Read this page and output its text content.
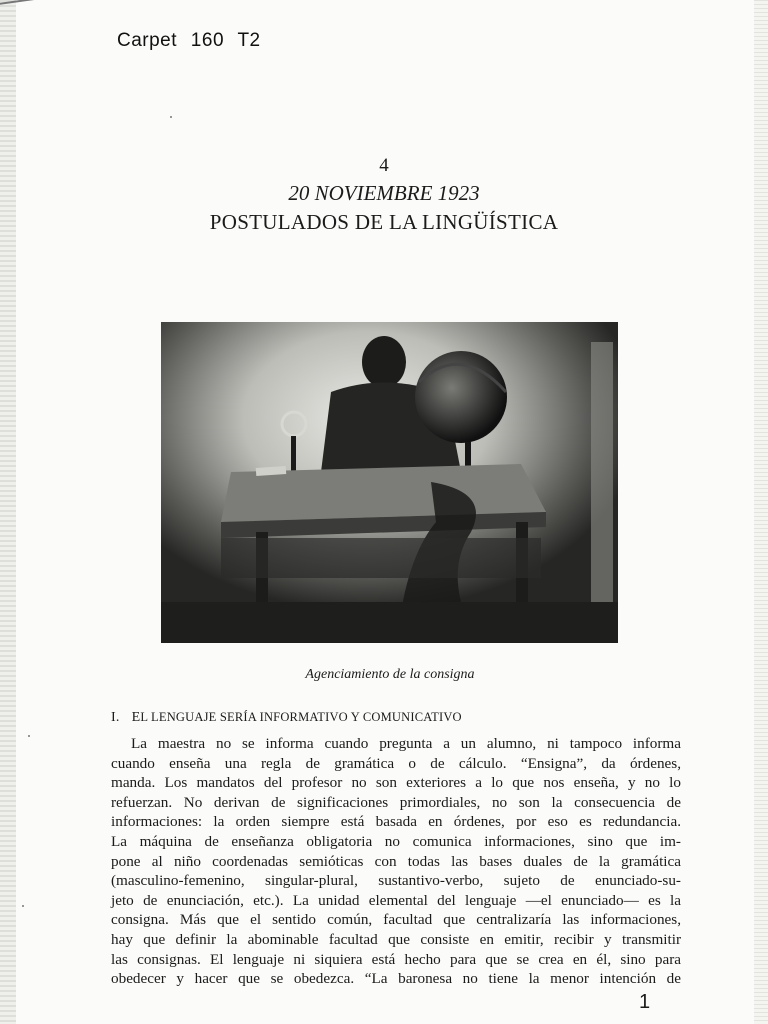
Carpet 160 T2
4
20 NOVIEMBRE 1923
POSTULADOS DE LA LINGÜÍSTICA
Agenciamiento de la consigna
I. EL LENGUAJE SERÍA INFORMATIVO Y COMUNICATIVO
La maestra no se informa cuando pregunta a un alumno, ni tampoco informa
cuando enseña una regla de gramática o de cálculo. “Ensigna”, da órdenes,
manda. Los mandatos del profesor no son exteriores a lo que nos enseña, y no lo
refuerzan. No derivan de significaciones primordiales, no son la consecuencia de
informaciones: la orden siempre está basada en órdenes, por eso es redundancia.
La máquina de enseñanza obligatoria no comunica informaciones, sino que im-
pone al niño coordenadas semióticas con todas las bases duales de la gramática
(masculino-femenino, singular-plural, sustantivo-verbo, sujeto de enunciado-su-
jeto de enunciación, etc.). La unidad elemental del lenguaje —el enunciado— es la
consigna. Más que el sentido común, facultad que centralizaría las informaciones,
hay que definir la abominable facultad que consiste en emitir, recibir y transmitir
las consignas. El lenguaje ni siquiera está hecho para que se crea en él, sino para
obedecer y hacer que se obedezca. “La baronesa no tiene la menor intención de
1
